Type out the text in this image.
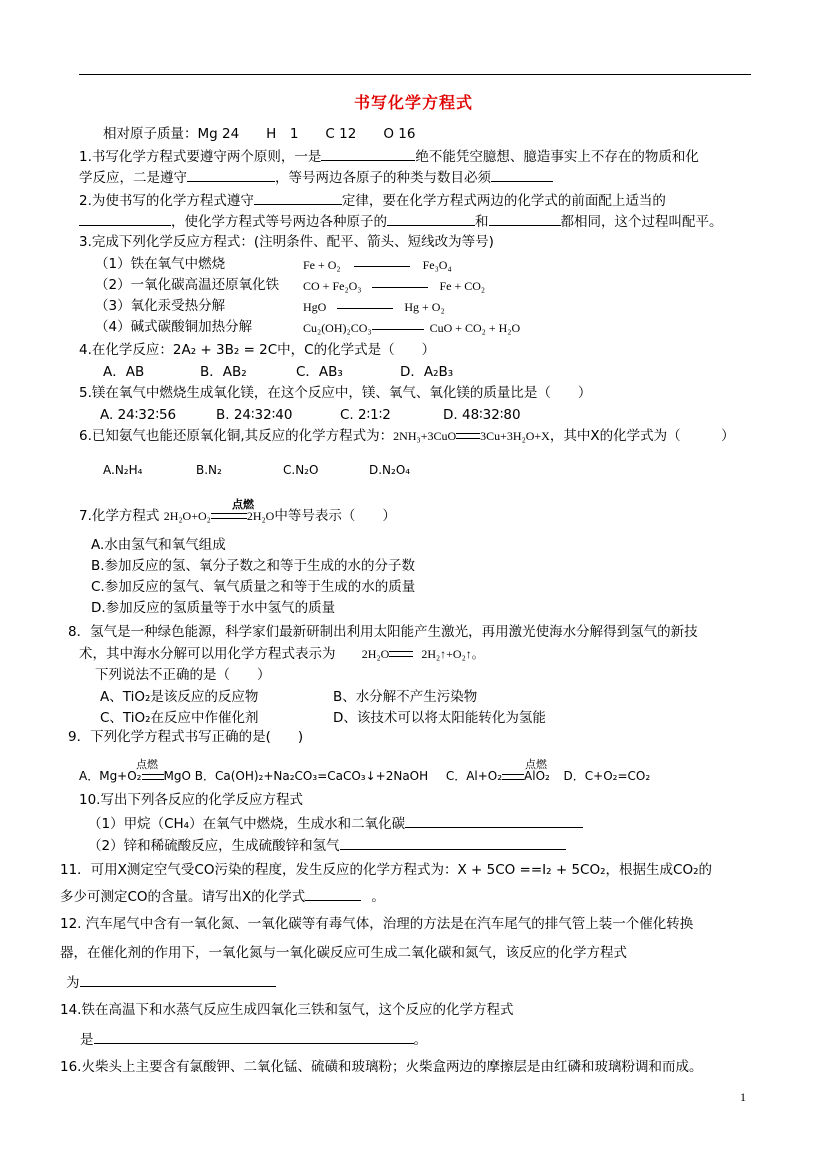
书写化学方程式
相对原子质量：Mg 24　　H　1　　C 12　　O 16
1.书写化学方程式要遵守两个原则，一是	绝不能凭空臆想、臆造事实上不存在的物质和化
学反应，二是遵守	，等号两边各原子的种类与数目必须
2.为使书写的化学方程式遵守	定律，要在化学方程式两边的化学式的前面配上适当的
，使化学方程式等号两边各种原子的	和	都相同，这个过程叫配平。
3.完成下列化学反应方程式：(注明条件、配平、箭头、短线改为等号)
（1）铁在氧气中燃烧	Fe + O₂	Fe₃O₄
（2）一氧化碳高温还原氧化铁 CO + Fe₂O₃	Fe + CO₂
（3）氧化汞受热分解	HgO	Hg + O₂
（4）碱式碳酸铜加热分解	Cu₂(OH)₂CO₃	CuO + CO₂ + H₂O
4.在化学反应：2A₂ + 3B₂ = 2C中，C的化学式是（　　）
A．AB	B．AB₂	C．AB₃	D．A₂B₃
5.镁在氧气中燃烧生成氧化镁，在这个反应中，镁、氧气、氧化镁的质量比是（　　）
A. 24∶32∶56	B. 24∶32∶40	C. 2∶1∶2	D. 48∶32∶80
6.已知氨气也能还原氧化铜,其反应的化学方程式为：2NH₃+3CuO 3Cu+3H₂O+X，其中X的化学式为（　　　）
A.N₂H₄	B.N₂	C.N₂O	D.N₂O₄
点燃
7.化学方程式 2H₂O+O₂	2H₂O中等号表示（　　）
A.水由氢气和氧气组成
B.参加反应的氢、氧分子数之和等于生成的水的分子数
C.参加反应的氢气、氧气质量之和等于生成的水的质量
D.参加反应的氢质量等于水中氢气的质量
8．氢气是一种绿色能源，科学家们最新研制出利用太阳能产生激光，再用激光使海水分解得到氢气的新技
术，其中海水分解可以用化学方程式表示为 2H₂O	2H₂↑+O₂↑。
下列说法不正确的是（　　）
A、TiO₂是该反应的反应物	B、水分解不产生污染物
C、TiO₂在反应中作催化剂	D、该技术可以将太阳能转化为氢能
9．下列化学方程式书写正确的是(　　)
点燃	点燃
A．Mg+O₂ MgO B．Ca(OH)₂+Na₂CO₃=CaCO₃↓+2NaOH C．Al+O₂ AlO₂ D．C+O₂=CO₂
10.写出下列各反应的化学反应方程式
（1）甲烷（CH₄）在氧气中燃烧，生成水和二氧化碳
（2）锌和稀硫酸反应，生成硫酸锌和氢气
11．可用X测定空气受CO污染的程度，发生反应的化学方程式为：X + 5CO ==I₂ + 5CO₂，根据生成CO₂的
多少可测定CO的含量。请写出X的化学式	。
12. 汽车尾气中含有一氧化氮、一氧化碳等有毒气体，治理的方法是在汽车尾气的排气管上装一个催化转换
器，在催化剂的作用下，一氧化氮与一氧化碳反应可生成二氧化碳和氮气，该反应的化学方程式
为
14.铁在高温下和水蒸气反应生成四氧化三铁和氢气，这个反应的化学方程式
是	。
16.火柴头上主要含有氯酸钾、二氧化锰、硫磺和玻璃粉；火柴盒两边的摩擦层是由红磷和玻璃粉调和而成。
1
